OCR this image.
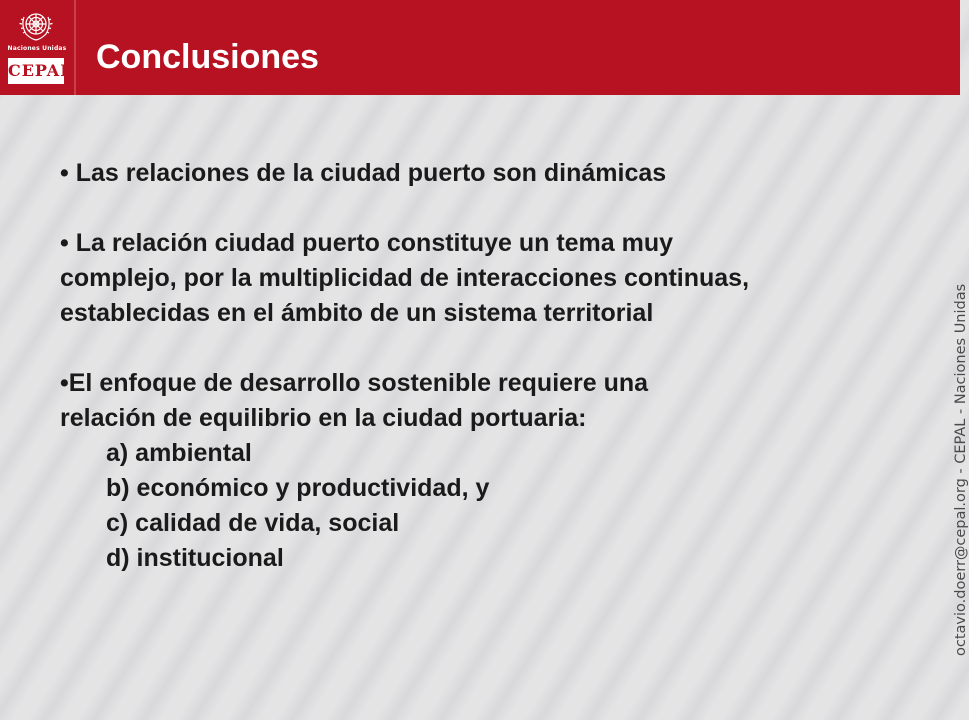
Naciones Unidas
CEPAL Conclusiones

• Las relaciones de la ciudad puerto son dinámicas

• La relación ciudad puerto constituye un tema muy

complejo, por la multiplicidad de interacciones continuas,

establecidas en el ámbito de un sistema territorial

•El enfoque de desarrollo sostenible requiere una

relación de equilibrio en la ciudad portuaria:

a) ambiental

b) económico y productividad, y

c) calidad de vida, social

d) institucional	octavio.doerr@cepal.org - CEPAL - Naciones Unidas
